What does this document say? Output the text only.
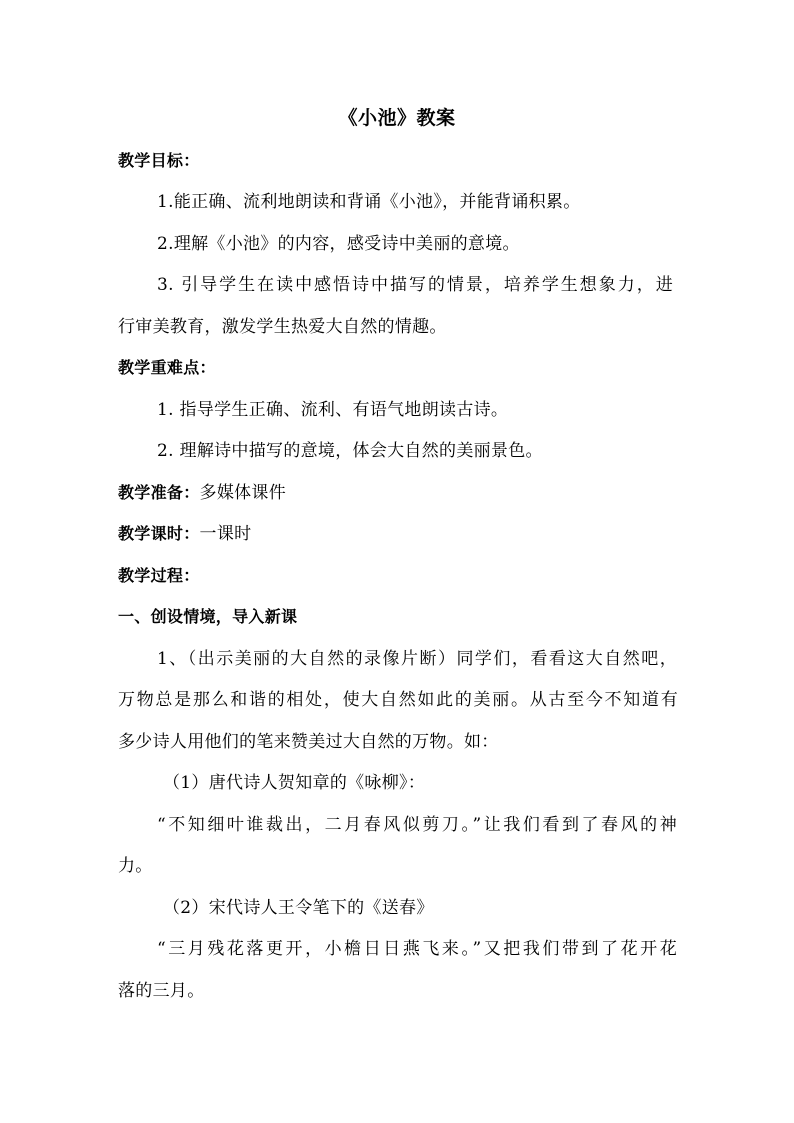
《小池》教案
教学目标：
1.能正确、流利地朗读和背诵《小池》，并能背诵积累。
2.理解《小池》的内容，感受诗中美丽的意境。
3. 引导学生在读中感悟诗中描写的情景，培养学生想象力，进
行审美教育，激发学生热爱大自然的情趣。
教学重难点：
1. 指导学生正确、流利、有语气地朗读古诗。
2. 理解诗中描写的意境，体会大自然的美丽景色。
教学准备：多媒体课件
教学课时：一课时
教学过程：
一、创设情境，导入新课
1、（出示美丽的大自然的录像片断）同学们，看看这大自然吧，
万物总是那么和谐的相处，使大自然如此的美丽。从古至今不知道有
多少诗人用他们的笔来赞美过大自然的万物。如：
（1）唐代诗人贺知章的《咏柳》：
“不知细叶谁裁出，二月春风似剪刀。”让我们看到了春风的神
力。
（2）宋代诗人王令笔下的《送春》
“三月残花落更开，小檐日日燕飞来。”又把我们带到了花开花
落的三月。
